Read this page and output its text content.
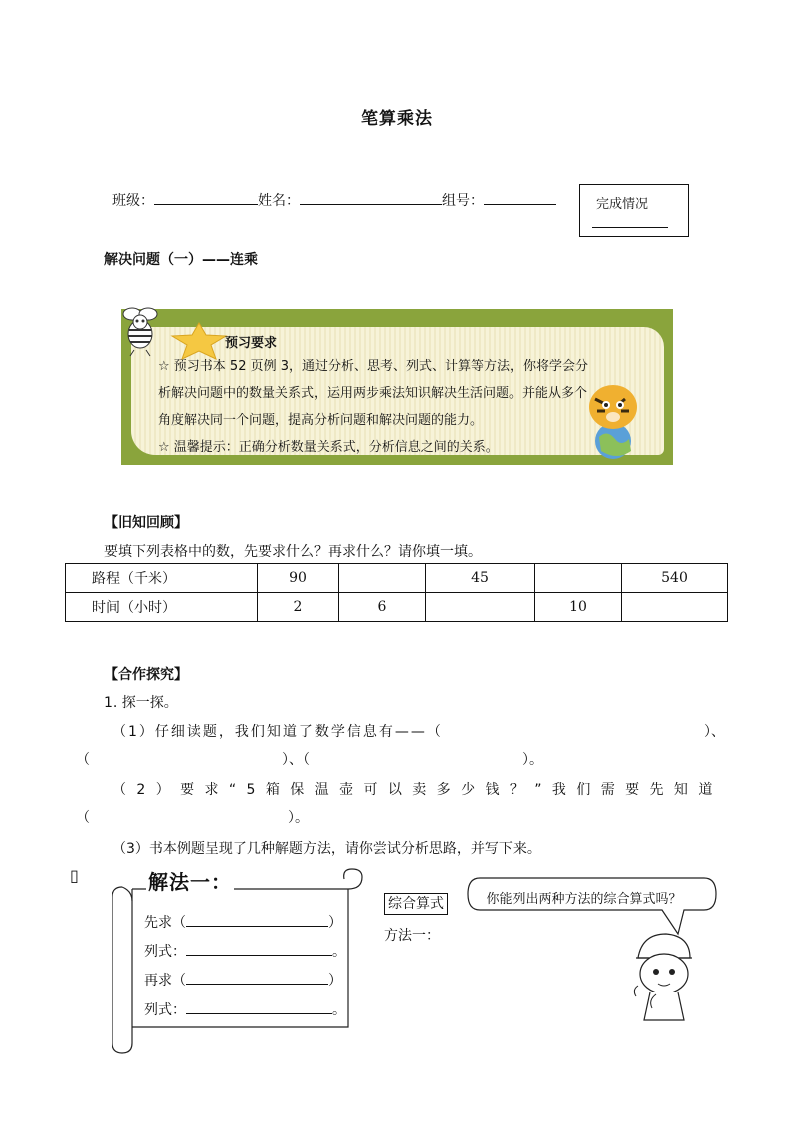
笔算乘法
班级：	姓名：	组号：	完成情况
解决问题（一）——连乘
预习要求
☆ 预习书本 52 页例 3，通过分析、思考、列式、计算等方法，你将学会分
析解决问题中的数量关系式，运用两步乘法知识解决生活问题。并能从多个
角度解决同一个问题，提高分析问题和解决问题的能力。
☆ 温馨提示：正确分析数量关系式，分析信息之间的关系。
【旧知回顾】
要填下列表格中的数，先要求什么？再求什么？请你填一填。
路程（千米）	90		45		540
时间（小时）	2	6		10	
【合作探究】
1. 探一探。
（1）仔细读题，我们知道了数学信息有——（	）、
（	）、（	）。
（2）要求“5箱保温壶可以卖多少钱？”我们需要先知道
（	）。
（3）书本例题呈现了几种解题方法，请你尝试分析思路，并写下来。
▯	解法一：
先求（	）
列式：	。
再求（	）
列式：	。
综合算式
方法一：
你能列出两种方法的综合算式吗？
